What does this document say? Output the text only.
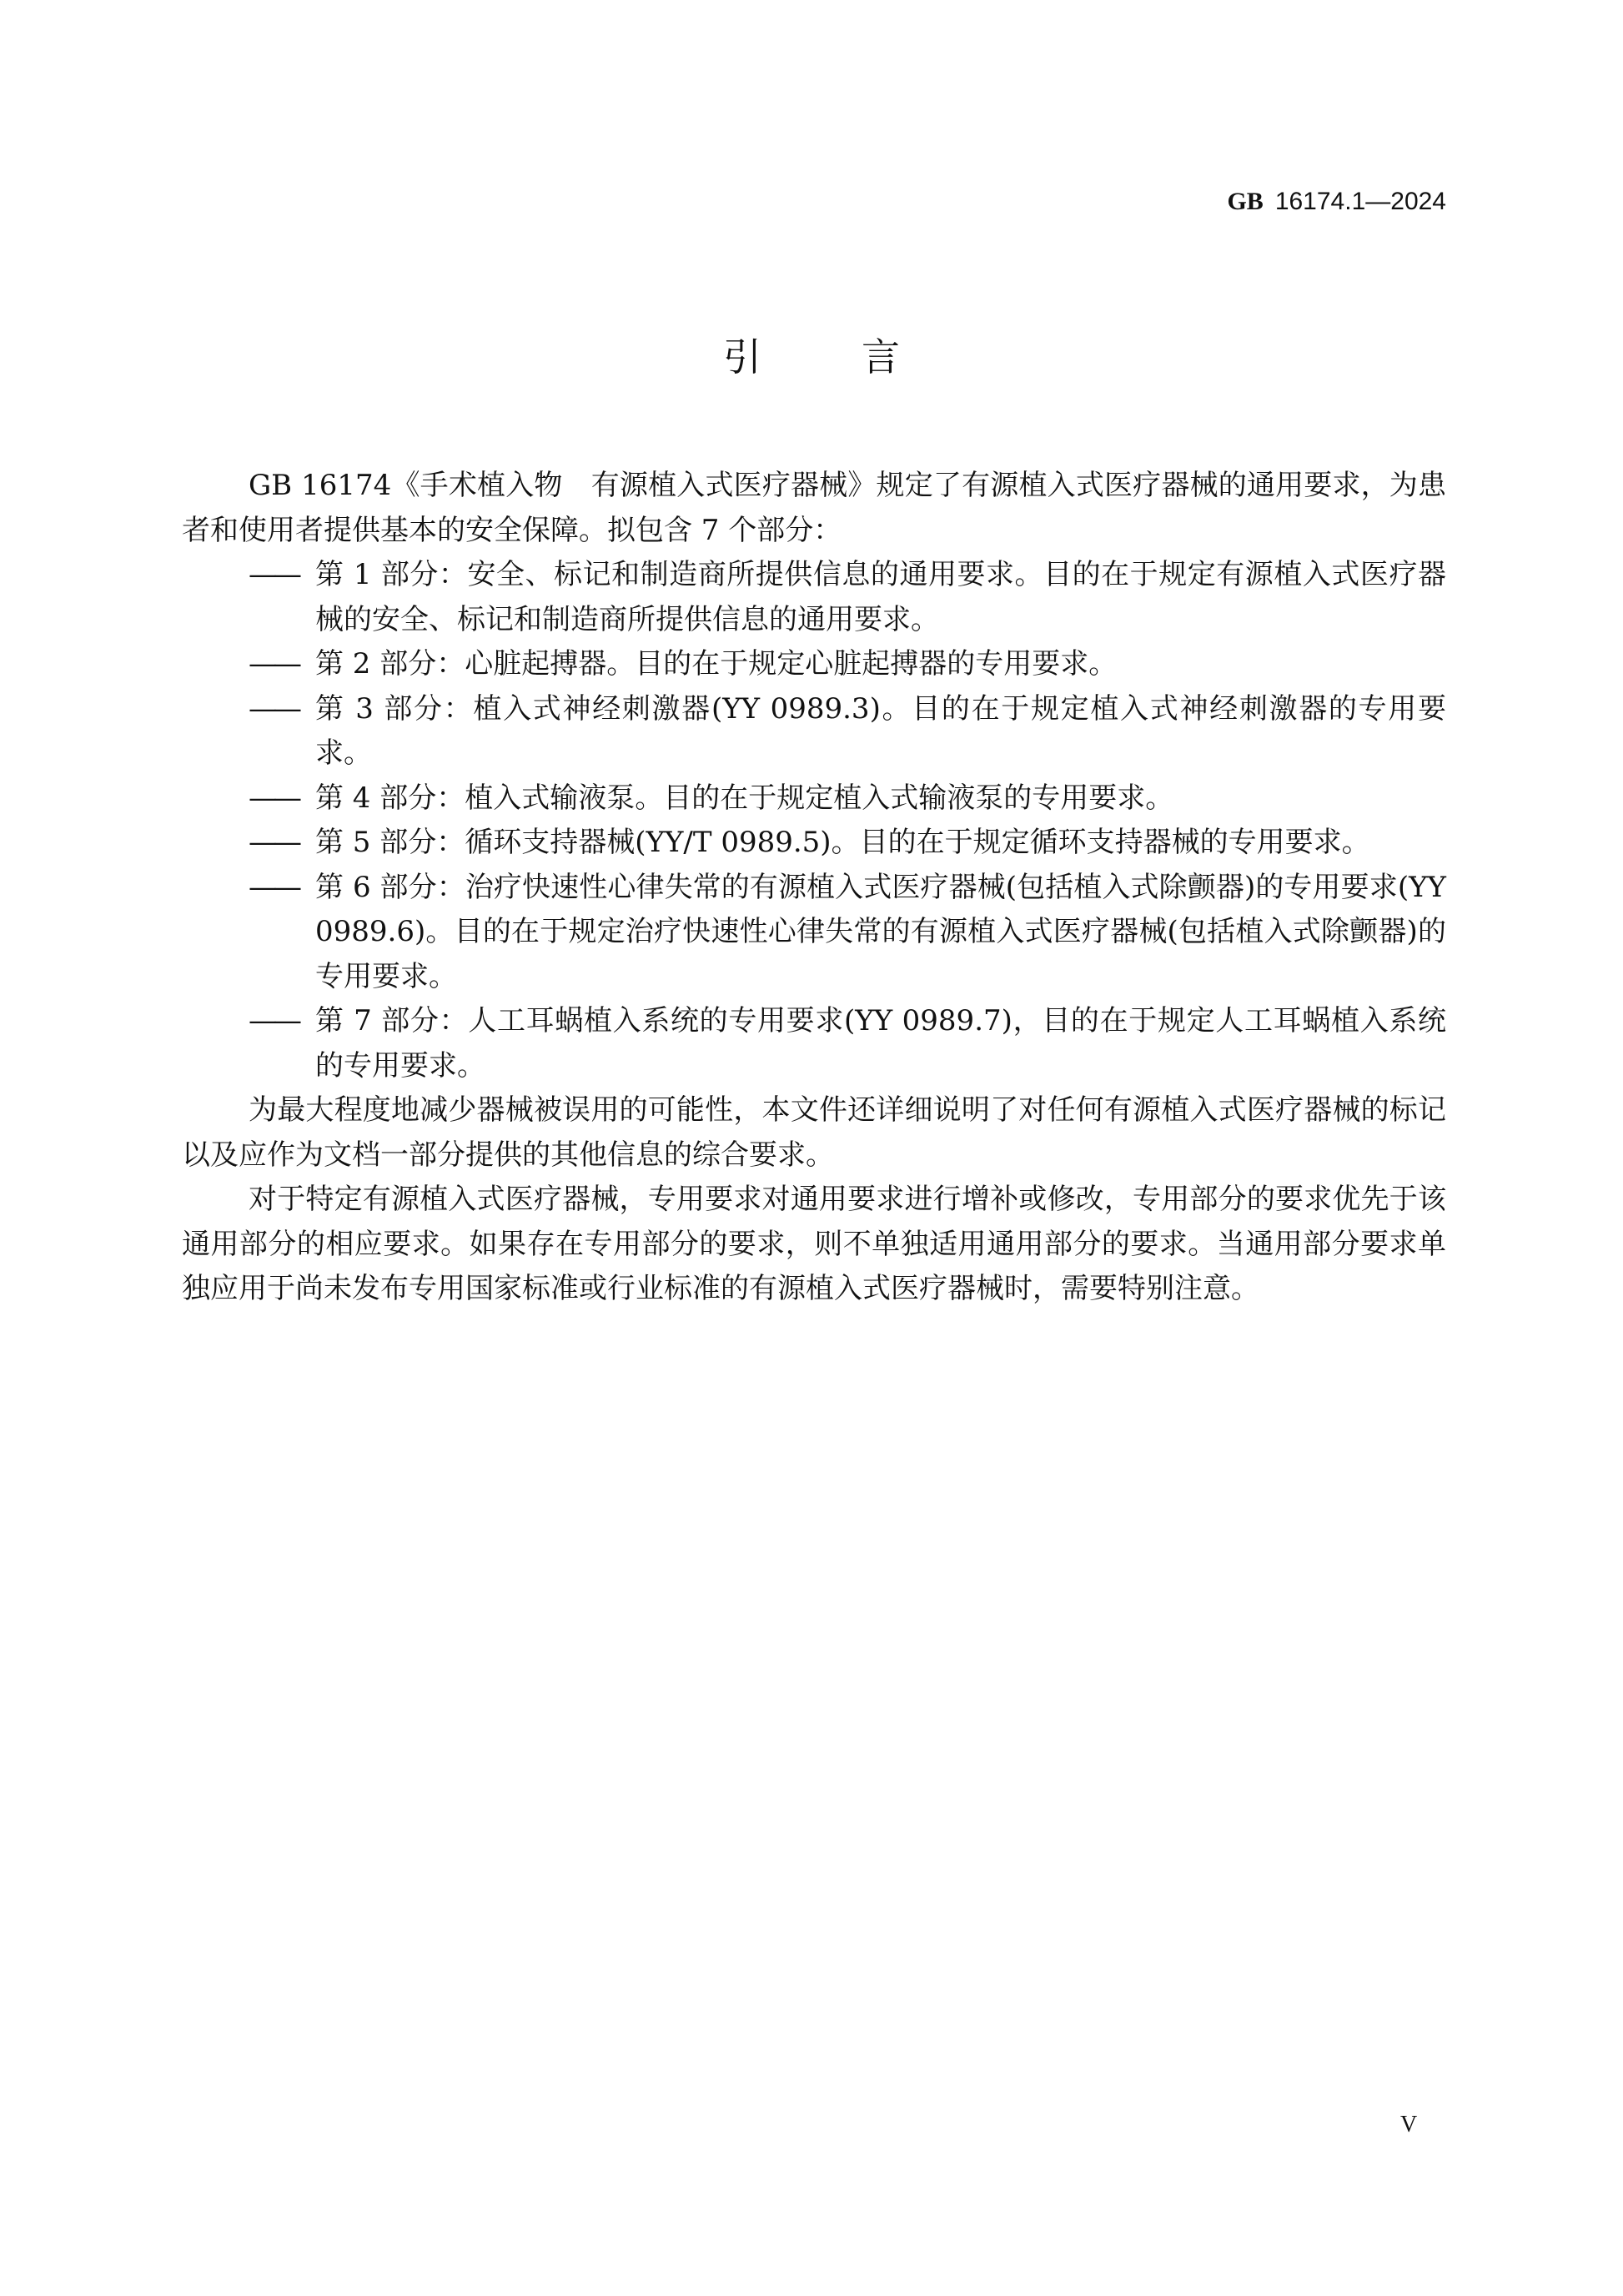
GB 16174.1—2024
引	言

GB 16174《手术植入物　有源植入式医疗器械》规定了有源植入式医疗器械的通用要求，为患者和使用者提供基本的安全保障。拟包含 7 个部分：

—— 第 1 部分：安全、标记和制造商所提供信息的通用要求。目的在于规定有源植入式医疗器械的安全、标记和制造商所提供信息的通用要求。
—— 第 2 部分：心脏起搏器。目的在于规定心脏起搏器的专用要求。
—— 第 3 部分：植入式神经刺激器(YY 0989.3)。目的在于规定植入式神经刺激器的专用要求。
—— 第 4 部分：植入式输液泵。目的在于规定植入式输液泵的专用要求。
—— 第 5 部分：循环支持器械(YY/T 0989.5)。目的在于规定循环支持器械的专用要求。
—— 第 6 部分：治疗快速性心律失常的有源植入式医疗器械(包括植入式除颤器)的专用要求(YY 0989.6)。目的在于规定治疗快速性心律失常的有源植入式医疗器械(包括植入式除颤器)的专用要求。
—— 第 7 部分：人工耳蜗植入系统的专用要求(YY 0989.7)，目的在于规定人工耳蜗植入系统的专用要求。

为最大程度地减少器械被误用的可能性，本文件还详细说明了对任何有源植入式医疗器械的标记以及应作为文档一部分提供的其他信息的综合要求。

对于特定有源植入式医疗器械，专用要求对通用要求进行增补或修改，专用部分的要求优先于该通用部分的相应要求。如果存在专用部分的要求，则不单独适用通用部分的要求。当通用部分要求单独应用于尚未发布专用国家标准或行业标准的有源植入式医疗器械时，需要特别注意。

V
